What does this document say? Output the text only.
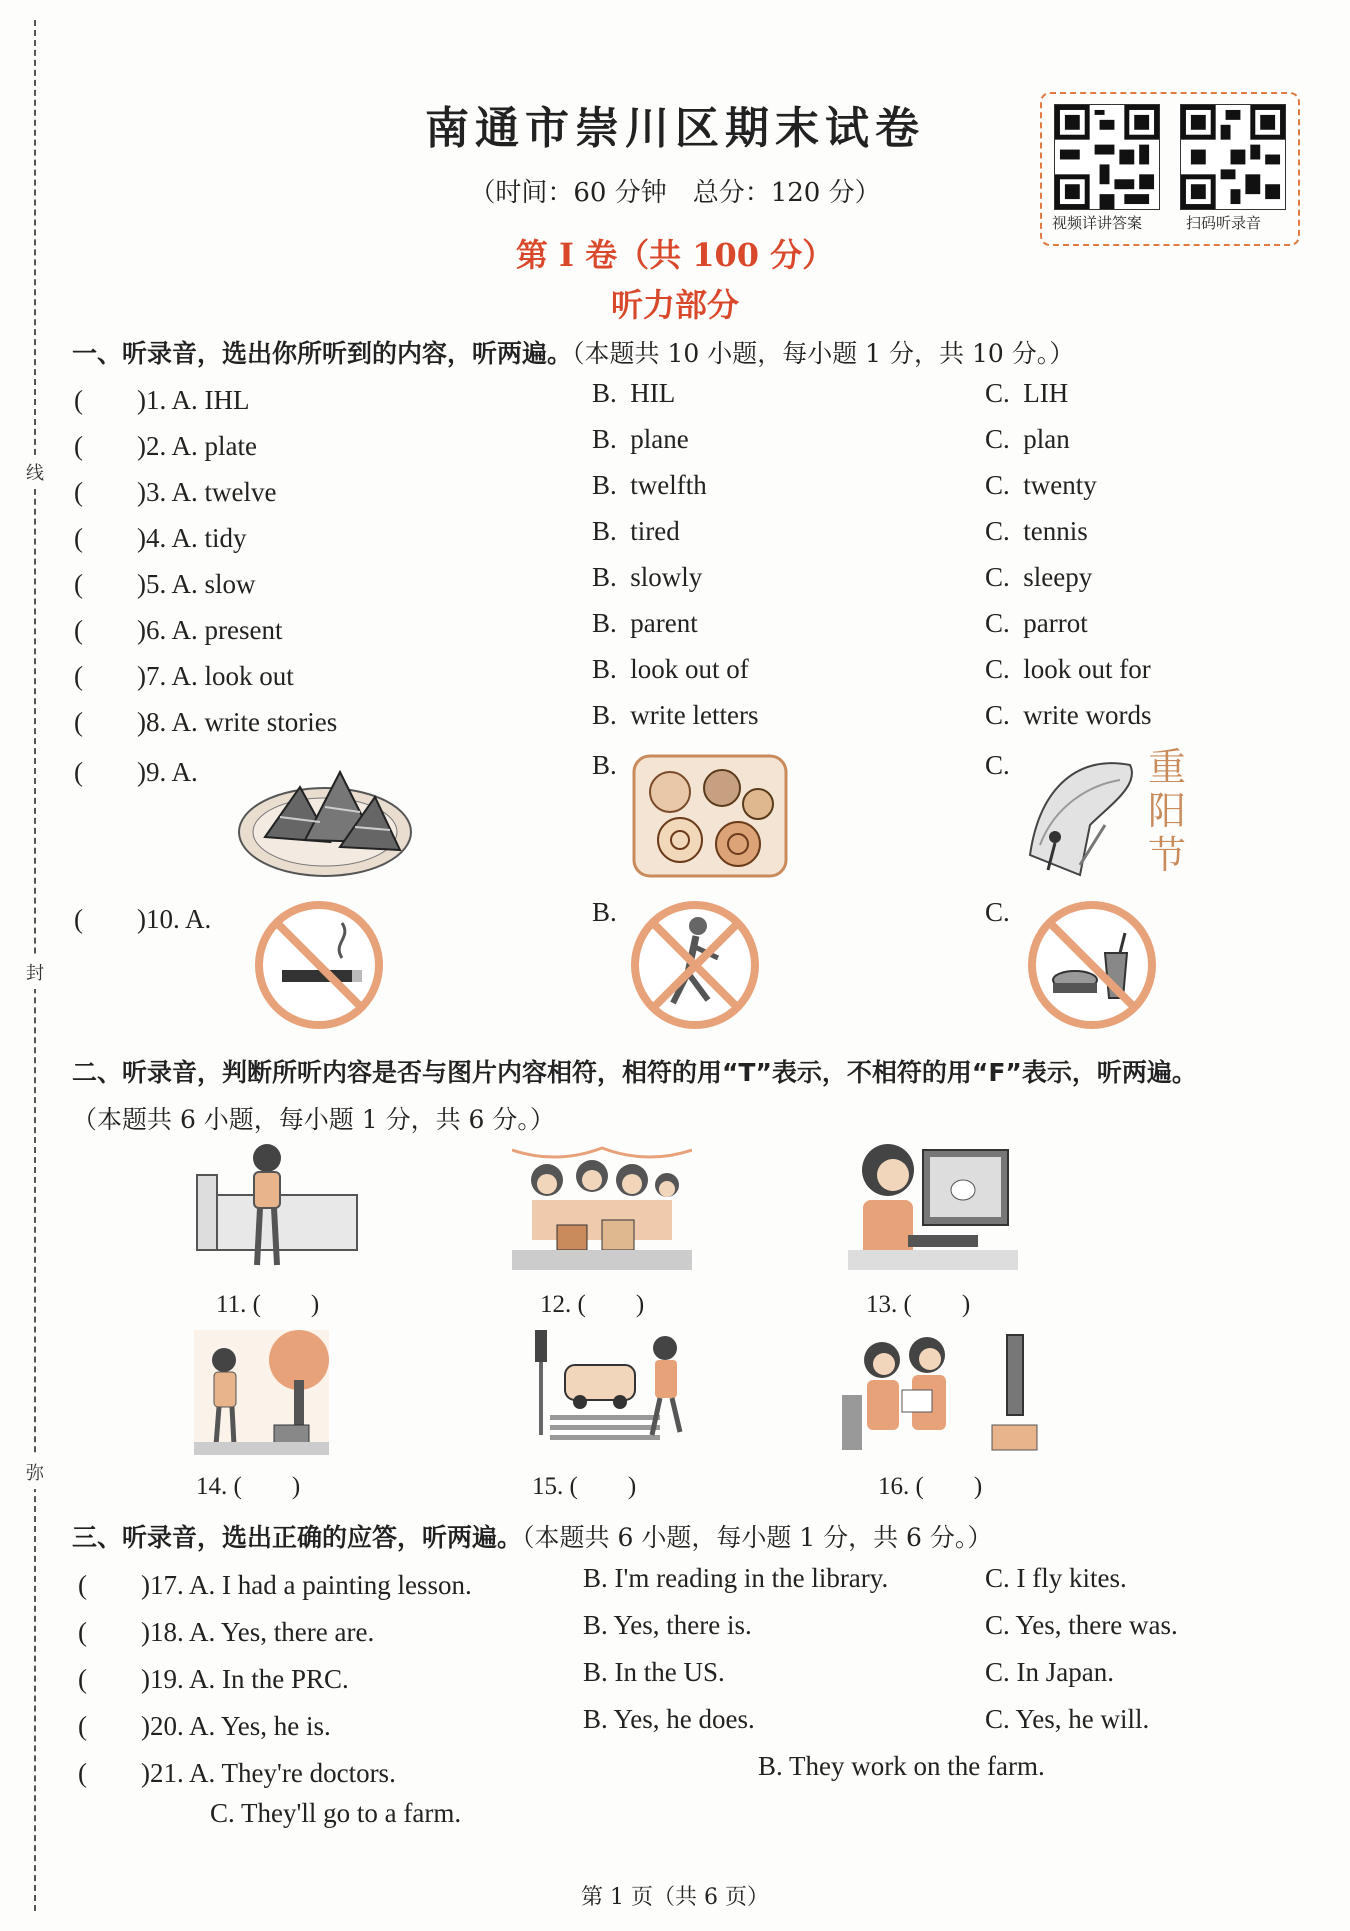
线
封
弥
南通市崇川区期末试卷
（时间：60 分钟　总分：120 分）
视频详讲答案	扫码听录音
第 Ⅰ 卷（共 100 分）
听力部分
一、听录音，选出你所听到的内容，听两遍。（本题共 10 小题，每小题 1 分，共 10 分。）
(　　)1. A. IHL	B. HIL	C. LIH
(　　)2. A. plate	B. plane	C. plan
(　　)3. A. twelve	B. twelfth	C. twenty
(　　)4. A. tidy	B. tired	C. tennis
(　　)5. A. slow	B. slowly	C. sleepy
(　　)6. A. present	B. parent	C. parrot
(　　)7. A. look out	B. look out of	C. look out for
(　　)8. A. write stories	B. write letters	C. write words
(　　)9. A.	B.	C.	重阳节
(　　)10. A.	B.	C.
二、听录音，判断所听内容是否与图片内容相符，相符的用“T”表示，不相符的用“F”表示，听两遍。
（本题共 6 小题，每小题 1 分，共 6 分。）
11. (　　)	12. (　　)	13. (　　)
14. (　　)	15. (　　)	16. (　　)
三、听录音，选出正确的应答，听两遍。（本题共 6 小题，每小题 1 分，共 6 分。）
(　　)17. A. I had a painting lesson.	B. I'm reading in the library.	C. I fly kites.
(　　)18. A. Yes, there are.	B. Yes, there is.	C. Yes, there was.
(　　)19. A. In the PRC.	B. In the US.	C. In Japan.
(　　)20. A. Yes, he is.	B. Yes, he does.	C. Yes, he will.
(　　)21. A. They're doctors.	B. They work on the farm.
C. They'll go to a farm.
第 1 页（共 6 页）
